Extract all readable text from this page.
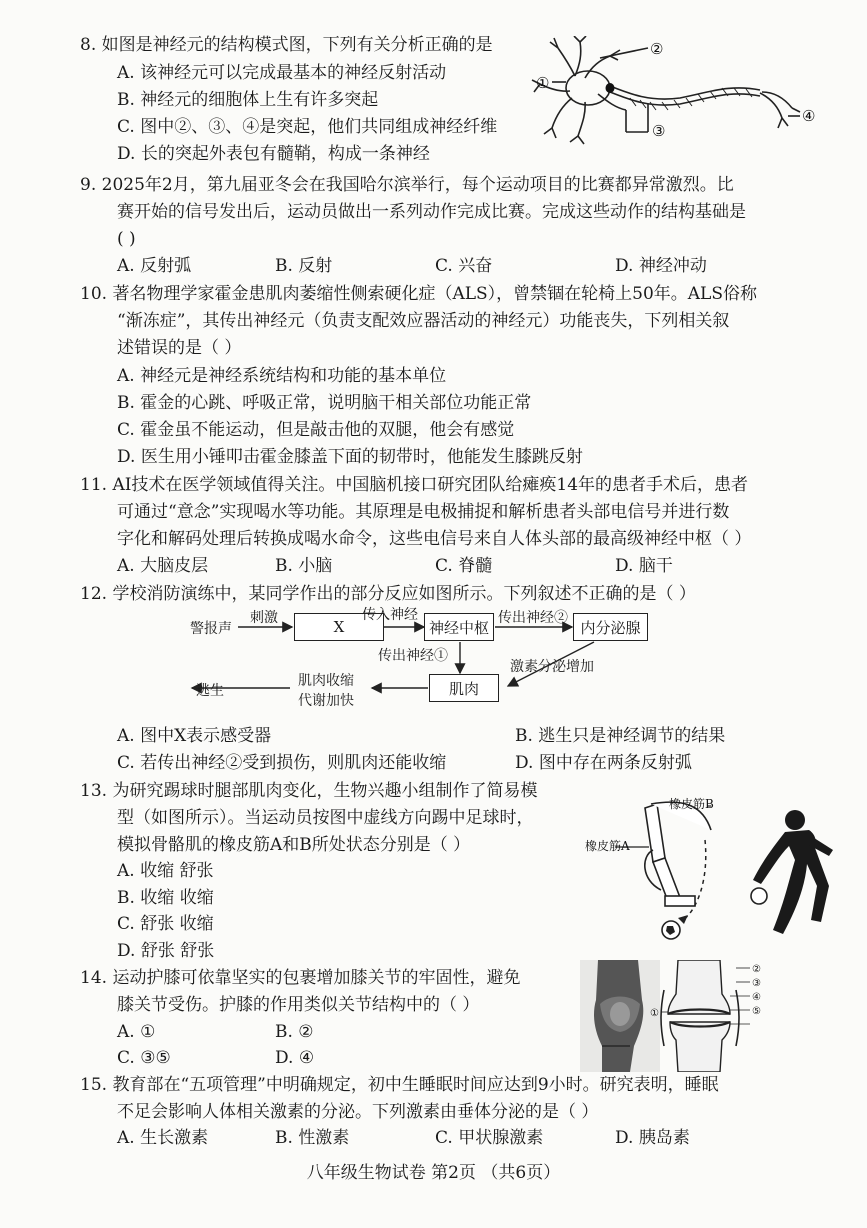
8. 如图是神经元的结构模式图，下列有关分析正确的是
A. 该神经元可以完成最基本的神经反射活动
B. 神经元的细胞体上生有许多突起
C. 图中②、③、④是突起，他们共同组成神经纤维
D. 长的突起外表包有髓鞘，构成一条神经
①
②
③
④
9. 2025年2月，第九届亚冬会在我国哈尔滨举行，每个运动项目的比赛都异常激烈。比
赛开始的信号发出后，运动员做出一系列动作完成比赛。完成这些动作的结构基础是
( )
A. 反射弧	B. 反射	C. 兴奋	D. 神经冲动
10. 著名物理学家霍金患肌肉萎缩性侧索硬化症（ALS），曾禁锢在轮椅上50年。ALS俗称
“渐冻症”，其传出神经元（负责支配效应器活动的神经元）功能丧失，下列相关叙
述错误的是（ ）
A. 神经元是神经系统结构和功能的基本单位
B. 霍金的心跳、呼吸正常，说明脑干相关部位功能正常
C. 霍金虽不能运动，但是敲击他的双腿，他会有感觉
D. 医生用小锤叩击霍金膝盖下面的韧带时，他能发生膝跳反射
11. AI技术在医学领域值得关注。中国脑机接口研究团队给瘫痪14年的患者手术后，患者
可通过“意念”实现喝水等功能。其原理是电极捕捉和解析患者头部电信号并进行数
字化和解码处理后转换成喝水命令，这些电信号来自人体头部的最高级神经中枢（ ）
A. 大脑皮层	B. 小脑	C. 脊髓	D. 脑干
12. 学校消防演练中，某同学作出的部分反应如图所示。下列叙述不正确的是（ ）
警报声
刺激	X
传入神经
神经中枢
传出神经②
内分泌腺
传出神经①
激素分泌增加
肌肉
肌肉收缩
代谢加快
逃生
A. 图中X表示感受器	B. 逃生只是神经调节的结果
C. 若传出神经②受到损伤，则肌肉还能收缩	D. 图中存在两条反射弧
13. 为研究踢球时腿部肌肉变化，生物兴趣小组制作了简易模
型（如图所示）。当运动员按图中虚线方向踢中足球时，
模拟骨骼肌的橡皮筋A和B所处状态分别是（ ）
A. 收缩 舒张
B. 收缩 收缩
C. 舒张 收缩
D. 舒张 舒张
橡皮筋A
橡皮筋B
14. 运动护膝可依靠坚实的包裹增加膝关节的牢固性，避免
膝关节受伤。护膝的作用类似关节结构中的（ ）
A. ①	B. ②
C. ③⑤	D. ④
①
②
③
④
⑤
15. 教育部在“五项管理”中明确规定，初中生睡眠时间应达到9小时。研究表明，睡眠
不足会影响人体相关激素的分泌。下列激素由垂体分泌的是（ ）
A. 生长激素	B. 性激素	C. 甲状腺激素	D. 胰岛素
八年级生物试卷 第2页 （共6页）
